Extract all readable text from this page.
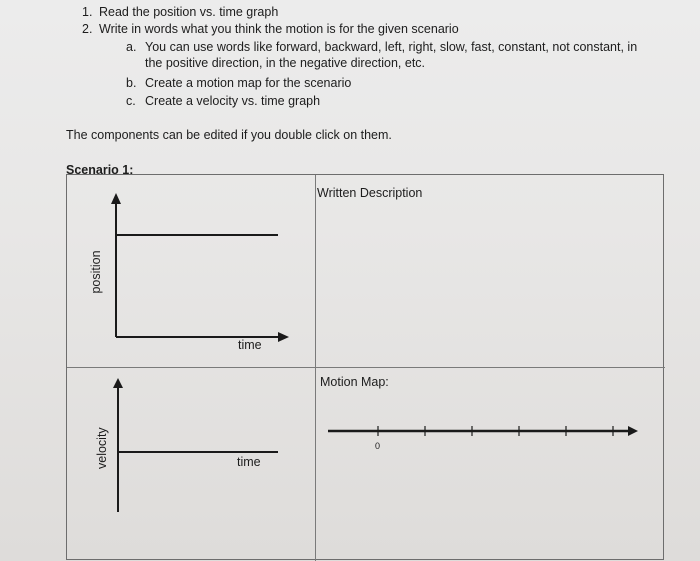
1. Read the position vs. time graph
2. Write in words what you think the motion is for the given scenario
a. You can use words like forward, backward, left, right, slow, fast, constant, not constant, in
the positive direction, in the negative direction, etc.
b. Create a motion map for the scenario
c. Create a velocity vs. time graph
The components can be edited if you double click on them.
Scenario 1:
Written Description
Motion Map:
position
time
velocity	time
0
